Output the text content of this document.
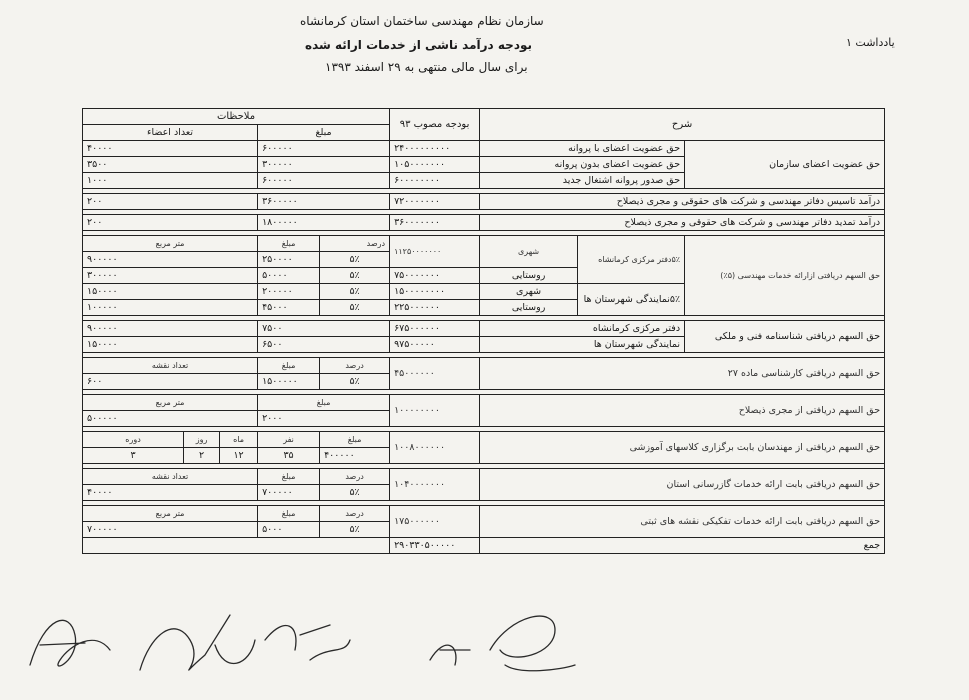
سازمان نظام مهندسی ساختمان استان کرمانشاه
بودجه درآمد ناشی از خدمات ارائه شده
برای سال مالی منتهی به ۲۹ اسفند ۱۳۹۳
یادداشت ۱
شرح			بودجه مصوب ۹۳	ملاحظات				
				مبلغ		تعداد اعضاء		
حق عضویت اعضای سازمان	حق عضویت اعضای با پروانه		۲۴۰۰۰۰۰۰۰۰۰	۶۰۰۰۰۰		۴۰۰۰۰		
	حق عضویت اعضای بدون پروانه		۱۰۵۰۰۰۰۰۰۰	۳۰۰۰۰۰		۳۵۰۰		
	حق صدور پروانه اشتغال جدید		۶۰۰۰۰۰۰۰۰	۶۰۰۰۰۰		۱۰۰۰		

درآمد تاسیس دفاتر مهندسی و شرکت های حقوقی و مجری ذیصلاح			۷۲۰۰۰۰۰۰۰	۳۶۰۰۰۰۰		۲۰۰		

درآمد تمدید دفاتر مهندسی و شرکت های حقوقی و مجری ذیصلاح			۳۶۰۰۰۰۰۰۰	۱۸۰۰۰۰۰		۲۰۰		

حق السهم دریافتی ازارائه خدمات مهندسی (۵٪)	۵٪دفتر مرکزی کرمانشاه	شهری	۱۱۲۵۰۰۰۰۰۰۰	درصد	مبلغ	متر مربع		
				۵٪	۲۵۰۰۰۰	۹۰۰۰۰۰		
		روستایی	۷۵۰۰۰۰۰۰۰	۵٪	۵۰۰۰۰	۳۰۰۰۰۰		
	۵٪نمایندگی شهرستان ها	شهری	۱۵۰۰۰۰۰۰۰۰	۵٪	۲۰۰۰۰۰	۱۵۰۰۰۰		
		روستایی	۲۲۵۰۰۰۰۰۰	۵٪	۴۵۰۰۰	۱۰۰۰۰۰		

حق السهم دریافتی شناسنامه فنی و ملکی	دفتر مرکزی کرمانشاه		۶۷۵۰۰۰۰۰۰	۷۵۰۰		۹۰۰۰۰۰		
	نمایندگی شهرستان ها		۹۷۵۰۰۰۰۰	۶۵۰۰		۱۵۰۰۰۰		

حق السهم دریافتی کارشناسی ماده ۲۷			۴۵۰۰۰۰۰۰	درصد	مبلغ	تعداد نقشه		
				۵٪	۱۵۰۰۰۰۰	۶۰۰		

حق السهم دریافتی از مجری ذیصلاح			۱۰۰۰۰۰۰۰۰	مبلغ		متر مربع		
				۲۰۰۰		۵۰۰۰۰۰		

حق السهم دریافتی از مهندسان بابت برگزاری کلاسهای آموزشی			۱۰۰۸۰۰۰۰۰۰	مبلغ	نفر	ماه	روز	دوره
				۴۰۰۰۰۰	۳۵	۱۲	۲	۳

حق السهم دریافتی بابت ارائه خدمات گازرسانی استان			۱۰۴۰۰۰۰۰۰۰	درصد	مبلغ	تعداد نقشه		
				۵٪	۷۰۰۰۰۰	۴۰۰۰۰		

حق السهم دریافتی بابت ارائه خدمات تفکیکی نقشه های ثبتی			۱۷۵۰۰۰۰۰۰	درصد	مبلغ	متر مربع		
				۵٪	۵۰۰۰	۷۰۰۰۰۰		
جمع			۲۹۰۳۳۰۵۰۰۰۰۰					
